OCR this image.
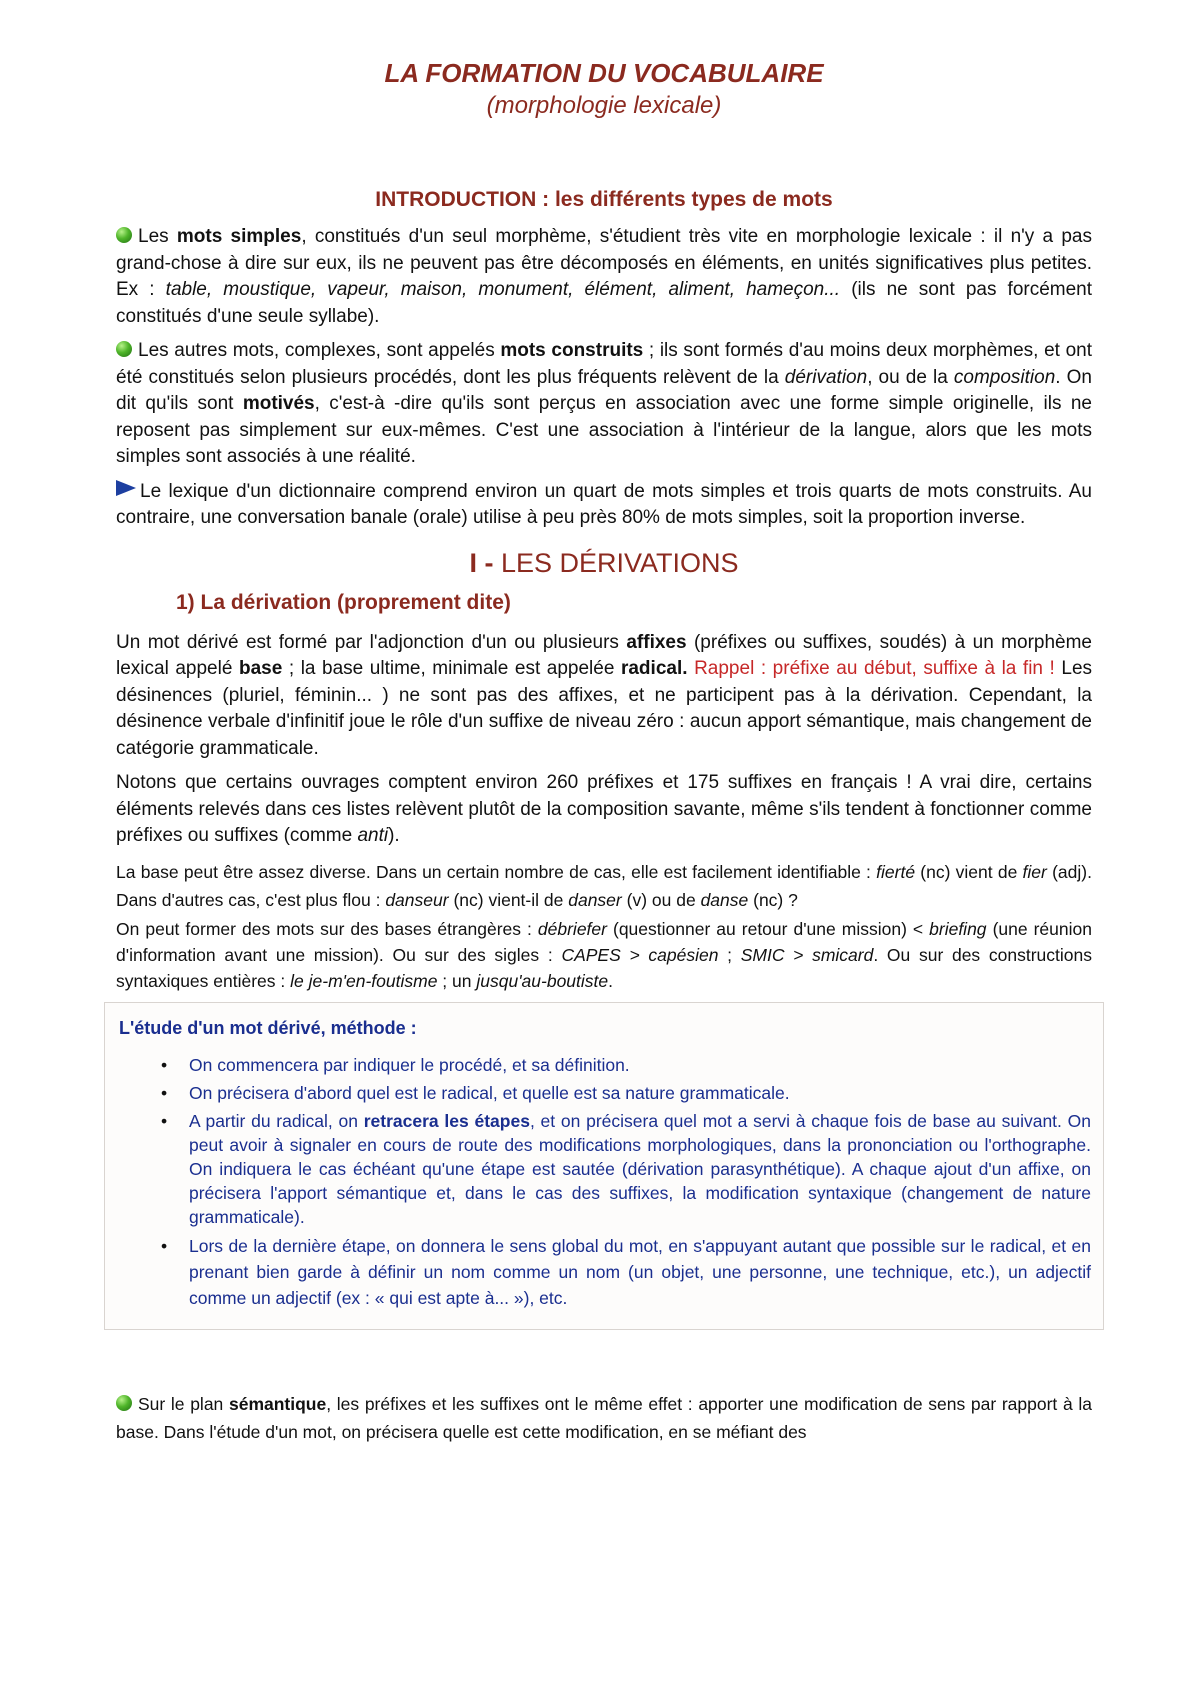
LA FORMATION DU VOCABULAIRE

(morphologie lexicale)

INTRODUCTION : les différents types de mots

Les mots simples, constitués d'un seul morphème, s'étudient très vite en morphologie lexicale : il n'y a pas grand-chose à dire sur eux, ils ne peuvent pas être décomposés en éléments, en unités significatives plus petites. Ex : table, moustique, vapeur, maison, monument, élément, aliment, hameçon... (ils ne sont pas forcément constitués d'une seule syllabe).

Les autres mots, complexes, sont appelés mots construits ; ils sont formés d'au moins deux morphèmes, et ont été constitués selon plusieurs procédés, dont les plus fréquents relèvent de la dérivation, ou de la composition. On dit qu'ils sont motivés, c'est-à -dire qu'ils sont perçus en association avec une forme simple originelle, ils ne reposent pas simplement sur eux-mêmes. C'est une association à l'intérieur de la langue, alors que les mots simples sont associés à une réalité.

Le lexique d'un dictionnaire comprend environ un quart de mots simples et trois quarts de mots construits. Au contraire, une conversation banale (orale) utilise à peu près 80% de mots simples, soit la proportion inverse.

I - LES DÉRIVATIONS
1) La dérivation (proprement dite)

Un mot dérivé est formé par l'adjonction d'un ou plusieurs affixes (préfixes ou suffixes, soudés) à un morphème lexical appelé base ; la base ultime, minimale est appelée radical. Rappel : préfixe au début, suffixe à la fin ! Les désinences (pluriel, féminin... ) ne sont pas des affixes, et ne participent pas à la dérivation. Cependant, la désinence verbale d'infinitif joue le rôle d'un suffixe de niveau zéro : aucun apport sémantique, mais changement de catégorie grammaticale.

Notons que certains ouvrages comptent environ 260 préfixes et 175 suffixes en français ! A vrai dire, certains éléments relevés dans ces listes relèvent plutôt de la composition savante, même s'ils tendent à fonctionner comme préfixes ou suffixes (comme anti).

La base peut être assez diverse. Dans un certain nombre de cas, elle est facilement identifiable : fierté (nc) vient de fier (adj). Dans d'autres cas, c'est plus flou : danseur (nc) vient-il de danser (v) ou de danse (nc) ?

On peut former des mots sur des bases étrangères : débriefer (questionner au retour d'une mission) < briefing (une réunion d'information avant une mission). Ou sur des sigles : CAPES > capésien ; SMIC > smicard. Ou sur des constructions syntaxiques entières : le je-m'en-foutisme ; un jusqu'au-boutiste.

L'étude d'un mot dérivé, méthode :
• On commencera par indiquer le procédé, et sa définition.
• On précisera d'abord quel est le radical, et quelle est sa nature grammaticale.
• A partir du radical, on retracera les étapes, et on précisera quel mot a servi à chaque fois de base au suivant. On peut avoir à signaler en cours de route des modifications morphologiques, dans la prononciation ou l'orthographe. On indiquera le cas échéant qu'une étape est sautée (dérivation parasynthétique). A chaque ajout d'un affixe, on précisera l'apport sémantique et, dans le cas des suffixes, la modification syntaxique (changement de nature grammaticale).
• Lors de la dernière étape, on donnera le sens global du mot, en s'appuyant autant que possible sur le radical, et en prenant bien garde à définir un nom comme un nom (un objet, une personne, une technique, etc.), un adjectif comme un adjectif (ex : « qui est apte à... »), etc.

Sur le plan sémantique, les préfixes et les suffixes ont le même effet : apporter une modification de sens par rapport à la base. Dans l'étude d'un mot, on précisera quelle est cette modification, en se méfiant des
